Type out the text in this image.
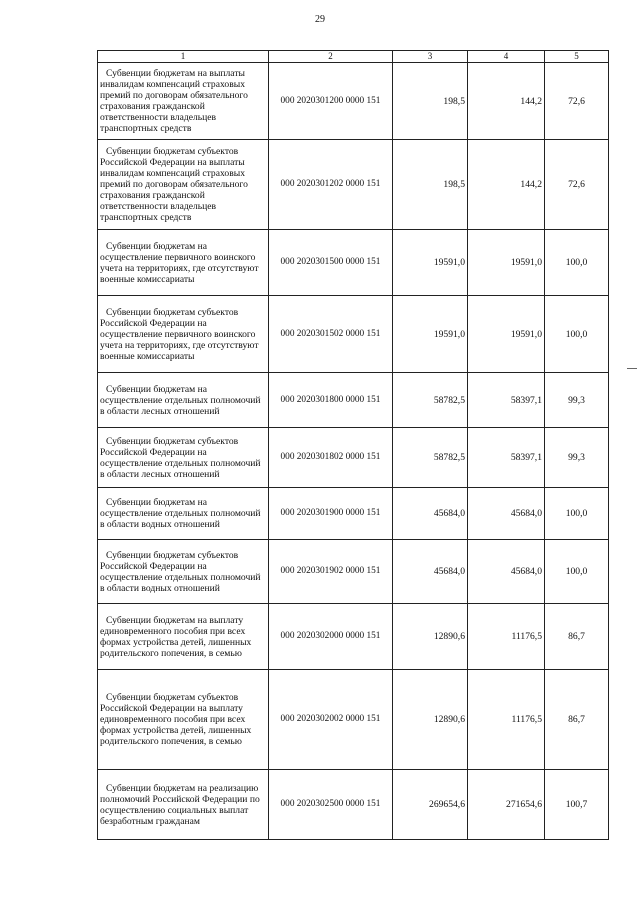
29
1	2	3	4	5
Субвенции бюджетам на выплаты инвалидам компенсаций страховых премий по договорам обязательного страхования гражданской ответственности владельцев транспортных средств	000 2020301200 0000 151	198,5	144,2	72,6
Субвенции бюджетам субъектов Российской Федерации на выплаты инвалидам компенсаций страховых премий по договорам обязательного страхования гражданской ответственности владельцев транспортных средств	000 2020301202 0000 151	198,5	144,2	72,6
Субвенции бюджетам на осуществление первичного воинского учета на территориях, где отсутствуют военные комиссариаты	000 2020301500 0000 151	19591,0	19591,0	100,0
Субвенции бюджетам субъектов Российской Федерации на осуществление первичного воинского учета на территориях, где отсутствуют военные комиссариаты	000 2020301502 0000 151	19591,0	19591,0	100,0
Субвенции бюджетам на осуществление отдельных полномочий в области лесных отношений	000 2020301800 0000 151	58782,5	58397,1	99,3
Субвенции бюджетам субъектов Российской Федерации на осуществление отдельных полномочий в области лесных отношений	000 2020301802 0000 151	58782,5	58397,1	99,3
Субвенции бюджетам на осуществление отдельных полномочий в области водных отношений	000 2020301900 0000 151	45684,0	45684,0	100,0
Субвенции бюджетам субъектов Российской Федерации на осуществление отдельных полномочий в области водных отношений	000 2020301902 0000 151	45684,0	45684,0	100,0
Субвенции бюджетам на выплату единовременного пособия при всех формах устройства детей, лишенных родительского попечения, в семью	000 2020302000 0000 151	12890,6	11176,5	86,7
Субвенции бюджетам субъектов Российской Федерации на выплату единовременного пособия при всех формах устройства детей, лишенных родительского попечения, в семью	000 2020302002 0000 151	12890,6	11176,5	86,7
Субвенции бюджетам на реализацию полномочий Российской Федерации по осуществлению социальных выплат безработным гражданам	000 2020302500 0000 151	269654,6	271654,6	100,7
